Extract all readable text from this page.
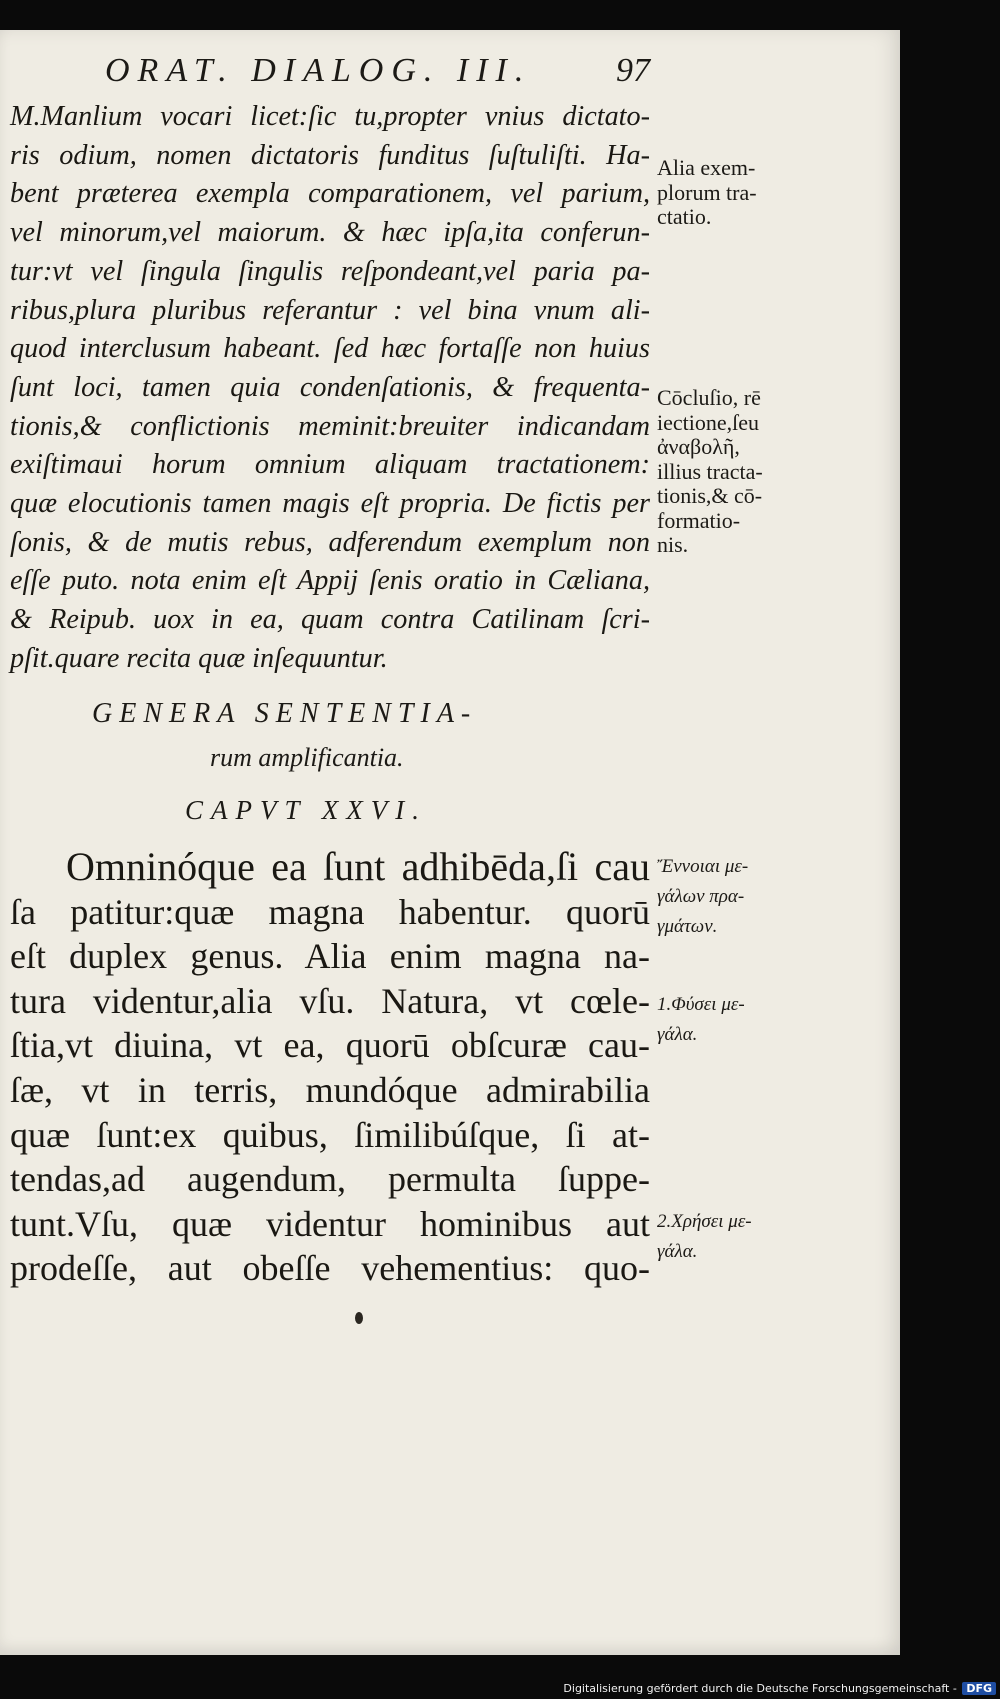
ORAT. DIALOG. III. 97
M.Manlium vocari licet:ſic tu,propter vnius dictato-
ris odium, nomen dictatoris funditus ſuſtuliſti. Ha-
bent præterea exempla comparationem, vel parium,
vel minorum,vel maiorum. & hæc ipſa,ita conferun-
tur:vt vel ſingula ſingulis reſpondeant,vel paria pa-
ribus,plura pluribus referantur : vel bina vnum ali-
quod interclusum habeant. ſed hæc fortaſſe non huius
ſunt loci, tamen quia condenſationis, & frequenta-
tionis,& conflictionis meminit:breuiter indicandam
exiſtimaui horum omnium aliquam tractationem:
quæ elocutionis tamen magis eſt propria. De fictis per
ſonis, & de mutis rebus, adferendum exemplum non
eſſe puto. nota enim eſt Appij ſenis oratio in Cæliana,
& Reipub. uox in ea, quam contra Catilinam ſcri-
pſit.quare recita quæ inſequuntur.
GENERA SENTENTIA-
rum amplificantia.
CAPVT XXVI.
Omninóque ea ſunt adhibēda,ſi cau
ſa patitur:quæ magna habentur. quorū
eſt duplex genus. Alia enim magna na-
tura videntur,alia vſu. Natura, vt cœle-
ſtia,vt diuina, vt ea, quorū obſcuræ cau-
ſæ, vt in terris, mundóque admirabilia
quæ ſunt:ex quibus, ſimilibúſque, ſi at-
tendas,ad augendum, permulta ſuppe-
tunt.Vſu, quæ videntur hominibus aut
prodeſſe, aut obeſſe vehementius: quo-
Alia exem-
plorum tra-
ctatio.
Cōcluſio, rē
iectione,ſeu
ἀναβολῆ,
illius tracta-
tionis,& cō-
formatio-
nis.
Ἔννοιαι με-
γάλων πρα-
γμάτων.
1.Φύσει με-
γάλα.
2.Χρήσει με-
γάλα.
Digitalisierung gefördert durch die Deutsche Forschungsgemeinschaft - DFG
